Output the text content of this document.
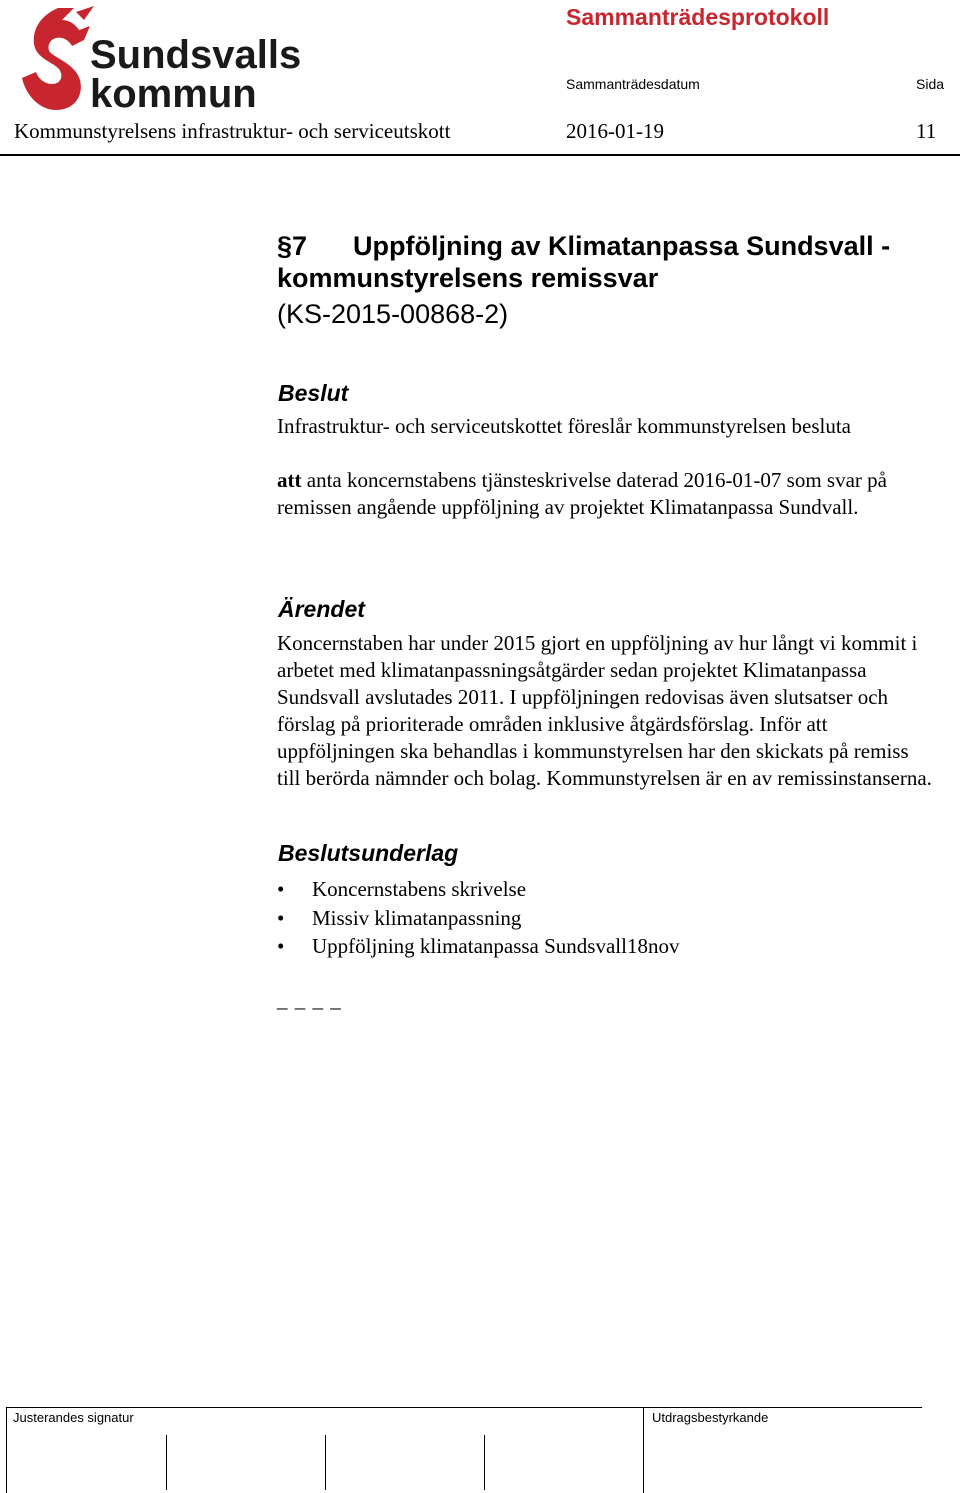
Sundsvalls
kommun
Sammanträdesprotokoll
Sammanträdesdatum	Sida
Kommunstyrelsens infrastruktur- och serviceutskott	2016-01-19	11
§7 Uppföljning av Klimatanpassa Sundsvall - kommunstyrelsens remissvar
(KS-2015-00868-2)
Beslut
Infrastruktur- och serviceutskottet föreslår kommunstyrelsen besluta
att anta koncernstabens tjänsteskrivelse daterad 2016-01-07 som svar på remissen angående uppföljning av projektet Klimatanpassa Sundvall.
Ärendet
Koncernstaben har under 2015 gjort en uppföljning av hur långt vi kommit i arbetet med klimatanpassningsåtgärder sedan projektet Klimatanpassa Sundsvall avslutades 2011. I uppföljningen redovisas även slutsatser och förslag på prioriterade områden inklusive åtgärdsförslag. Inför att uppföljningen ska behandlas i kommunstyrelsen har den skickats på remiss till berörda nämnder och bolag. Kommunstyrelsen är en av remissinstanserna.
Beslutsunderlag
• Koncernstabens skrivelse
• Missiv klimatanpassning
• Uppföljning klimatanpassa Sundsvall18nov
_ _ _ _
Justerandes signatur	Utdragsbestyrkande
